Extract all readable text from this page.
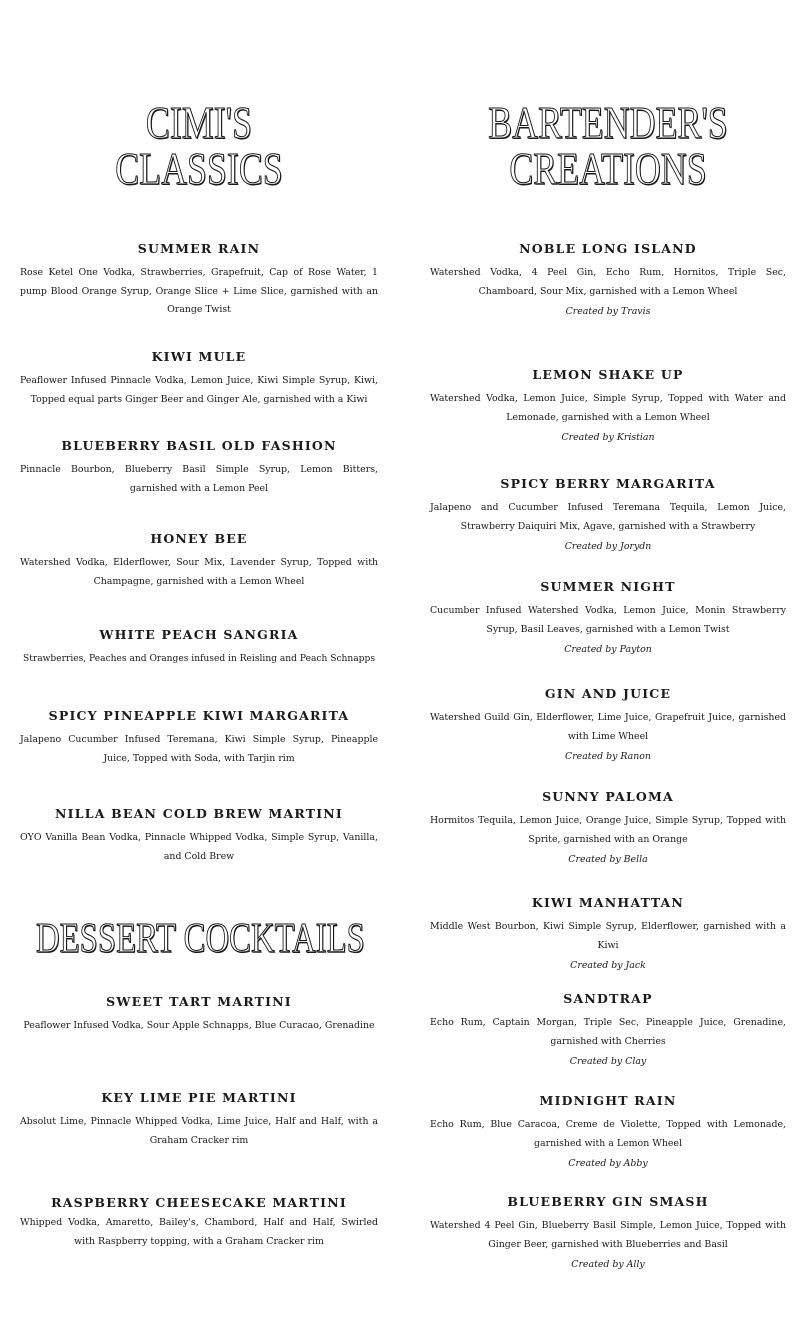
CIMI'S
CLASSICS
SUMMER RAIN

Rose Ketel One Vodka, Strawberries, Grapefruit, Cap of Rose Water, 1 pump Blood Orange Syrup, Orange Slice + Lime Slice, garnished with an Orange Twist

KIWI MULE

Peaflower Infused Pinnacle Vodka, Lemon Juice, Kiwi Simple Syrup, Kiwi, Topped equal parts Ginger Beer and Ginger Ale, garnished with a Kiwi

BLUEBERRY BASIL OLD FASHION

Pinnacle Bourbon, Blueberry Basil Simple Syrup, Lemon Bitters, garnished with a Lemon Peel

HONEY BEE

Watershed Vodka, Elderflower, Sour Mix, Lavender Syrup, Topped with Champagne, garnished with a Lemon Wheel

WHITE PEACH SANGRIA

Strawberries, Peaches and Oranges infused in Reisling and Peach Schnapps

SPICY PINEAPPLE KIWI MARGARITA

Jalapeno Cucumber Infused Teremana, Kiwi Simple Syrup, Pineapple Juice, Topped with Soda, with Tarjin rim

NILLA BEAN COLD BREW MARTINI

OYO Vanilla Bean Vodka, Pinnacle Whipped Vodka, Simple Syrup, Vanilla, and Cold Brew

DESSERT COCKTAILS
SWEET TART MARTINI

Peaflower Infused Vodka, Sour Apple Schnapps, Blue Curacao, Grenadine

KEY LIME PIE MARTINI

Absolut Lime, Pinnacle Whipped Vodka, Lime Juice, Half and Half, with a Graham Cracker rim

RASPBERRY CHEESECAKE MARTINI

Whipped Vodka, Amaretto, Bailey's, Chambord, Half and Half, Swirled with Raspberry topping, with a Graham Cracker rim

BARTENDER'S
CREATIONS
NOBLE LONG ISLAND

Watershed Vodka, 4 Peel Gin, Echo Rum, Hornitos, Triple Sec, Chamboard, Sour Mix, garnished with a Lemon Wheel

Created by Travis
LEMON SHAKE UP

Watershed Vodka, Lemon Juice, Simple Syrup, Topped with Water and Lemonade, garnished with a Lemon Wheel

Created by Kristian
SPICY BERRY MARGARITA

Jalapeno and Cucumber Infused Teremana Tequila, Lemon Juice, Strawberry Daiquiri Mix, Agave, garnished with a Strawberry

Created by Jorydn
SUMMER NIGHT

Cucumber Infused Watershed Vodka, Lemon Juice, Monin Strawberry Syrup, Basil Leaves, garnished with a Lemon Twist

Created by Payton
GIN AND JUICE

Watershed Guild Gin, Elderflower, Lime Juice, Grapefruit Juice, garnished with Lime Wheel

Created by Ranon
SUNNY PALOMA

Hormitos Tequila, Lemon Juice, Orange Juice, Simple Syrup, Topped with Sprite, garnished with an Orange

Created by Bella
KIWI MANHATTAN

Middle West Bourbon, Kiwi Simple Syrup, Elderflower, garnished with a Kiwi

Created by Jack
SANDTRAP

Echo Rum, Captain Morgan, Triple Sec, Pineapple Juice, Grenadine, garnished with Cherries

Created by Clay
MIDNIGHT RAIN

Echo Rum, Blue Caracoa, Creme de Violette, Topped with Lemonade, garnished with a Lemon Wheel

Created by Abby
BLUEBERRY GIN SMASH

Watershed 4 Peel Gin, Blueberry Basil Simple, Lemon Juice, Topped with Ginger Beer, garnished with Blueberries and Basil

Created by Ally
